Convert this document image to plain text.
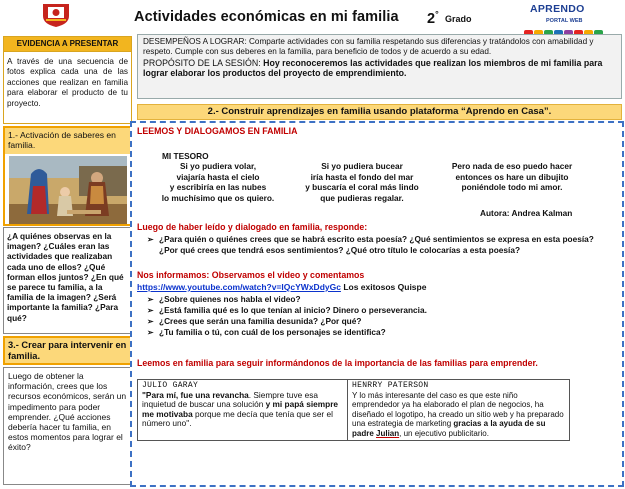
Actividades económicas en mi familia 2° Grado
APRENDO
PORTAL WEB
EVIDENCIA A PRESENTAR
A través de una secuencia de fotos explica cada una de las acciones que realizan en familia para elaborar el producto de tu proyecto.
1.- Activación de saberes en familia.
¿A quiénes observas en la imagen? ¿Cuáles eran las actividades que realizaban cada uno de ellos? ¿Qué forman ellos juntos? ¿En qué se parece tu familia, a la familia de la imagen? ¿Será importante la familia? ¿Para qué?
3.- Crear para intervenir en familia.
Luego de obtener la información, crees que los recursos económicos, serán un impedimento para poder emprender. ¿Qué acciones debería hacer tu familia, en estos momentos para lograr el éxito?
DESEMPEÑOS A LOGRAR: Comparte actividades con su familia respetando sus diferencias y tratándolos con amabilidad y respeto. Cumple con sus deberes en la familia, para beneficio de todos y de acuerdo a su edad.
PROPÓSITO DE LA SESIÓN: Hoy reconoceremos las actividades que realizan los miembros de mi familia para lograr elaborar los productos del proyecto de emprendimiento.
2.- Construir aprendizajes en familia usando plataforma “Aprendo en Casa”.
LEEMOS Y DIALOGAMOS EN FAMILIA
MI TESORO
Si yo pudiera volar,
viajaría hasta el cielo
y escribiría en las nubes
lo muchísimo que os quiero.
Si yo pudiera bucear
iría hasta el fondo del mar
y buscaría el coral más lindo
que pudieras regalar.
Pero nada de eso puedo hacer
entonces os hare un dibujito
poniéndole todo mi amor.
Autora: Andrea Kalman
Luego de haber leído y dialogado en familia, responde:
➢ ¿Para quién o quiénes crees que se habrá escrito esta poesía? ¿Qué sentimientos se expresa en esta poesía? ¿Por qué crees que tendrá esos sentimientos? ¿Qué otro título le colocarías a esta poesía?
Nos informamos: Observamos el video y comentamos
https://www.youtube.com/watch?v=lQcYWxDdyGc Los exitosos Quispe
➢ ¿Sobre quienes nos habla el video?
➢ ¿Está familia qué es lo que tenían al inicio? Dinero o perseverancia.
➢ ¿Crees que serán una familia desunida? ¿Por qué?
➢ ¿Tu familia o tú, con cuál de los personajes se identifica?
Leemos en familia para seguir informándonos de la importancia de las familias para emprender.
JULIO GARAY
"Para mí, fue una revancha. Siempre tuve esa inquietud de buscar una solución y mi papá siempre me motivaba porque me decía que tenía que ser el número uno".

HENRRY PATERSON
Y lo más interesante del caso es que este niño emprendedor ya ha elaborado el plan de negocios, ha diseñado el logotipo, ha creado un sitio web y ha preparado una estrategia de marketing gracias a la ayuda de su padre Julian, un ejecutivo publicitario.
